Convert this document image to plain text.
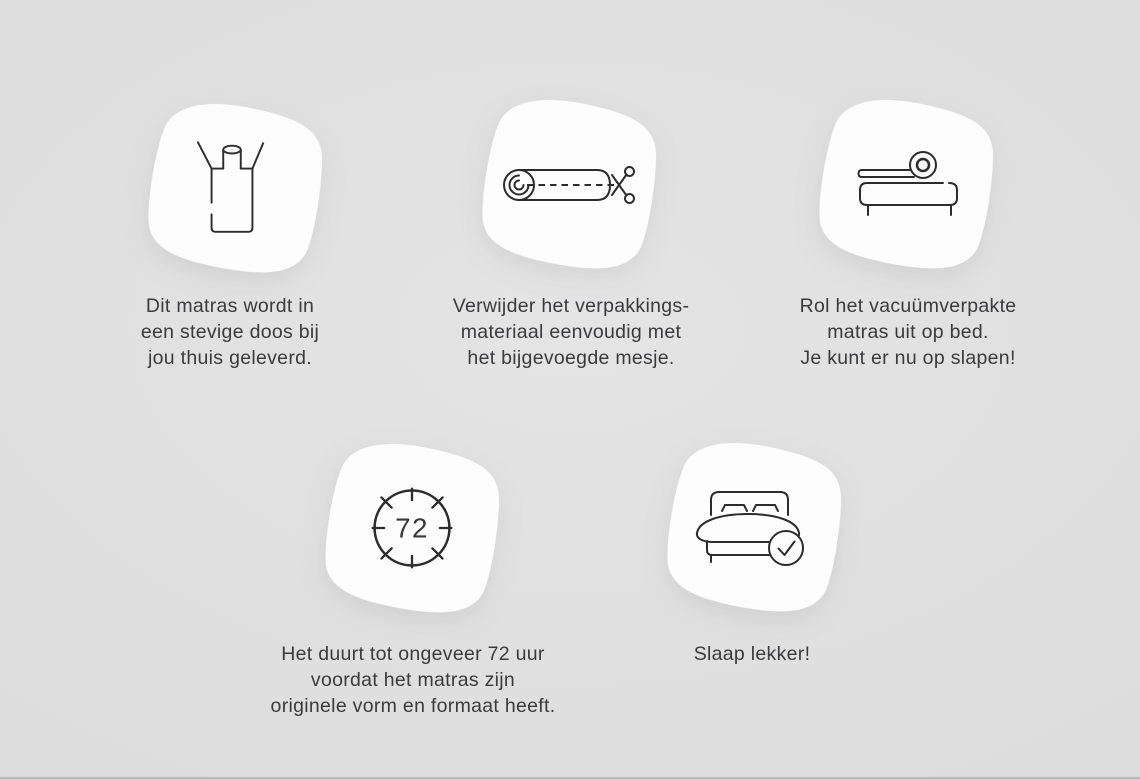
Dit matras wordt in
een stevige doos bij
jou thuis geleverd.
Verwijder het verpakkings-
materiaal eenvoudig met
het bijgevoegde mesje.
Rol het vacuümverpakte
matras uit op bed.
Je kunt er nu op slapen!
72
Het duurt tot ongeveer 72 uur
voordat het matras zijn
originele vorm en formaat heeft.
Slaap lekker!
